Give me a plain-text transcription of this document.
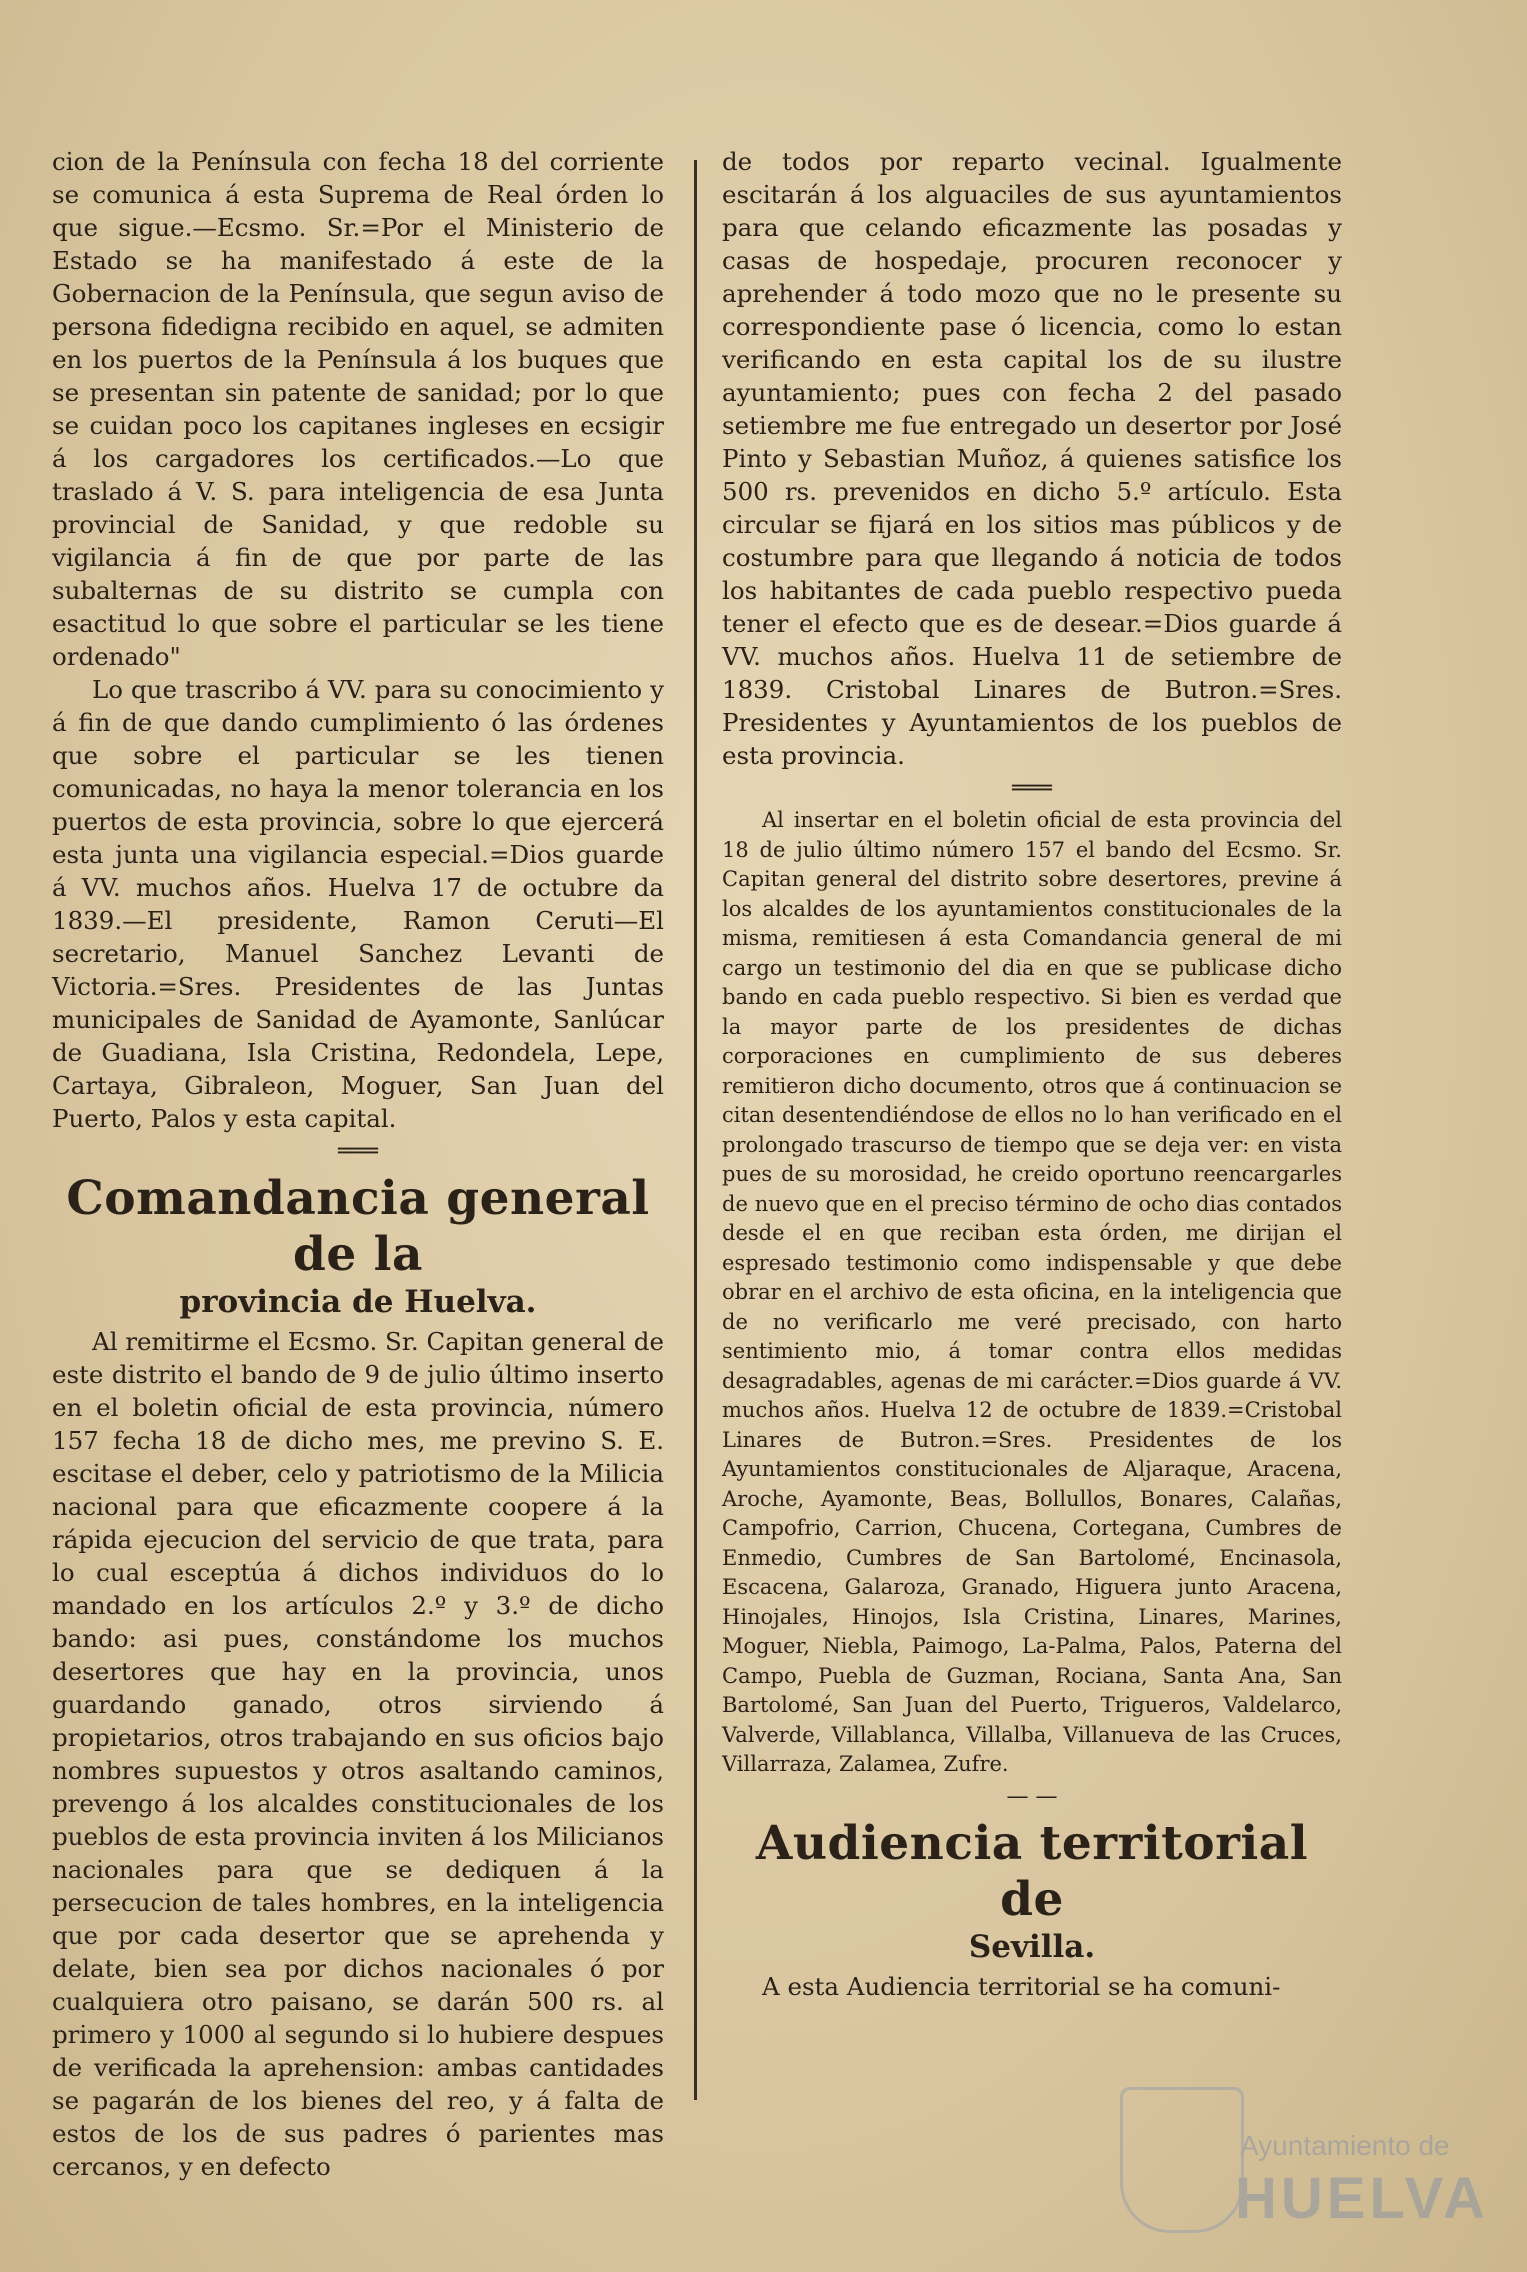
cion de la Península con fecha 18 del corriente se comunica á esta Suprema de Real órden lo que sigue.—Ecsmo. Sr.=Por el Ministerio de Estado se ha manifestado á este de la Gobernacion de la Península, que segun aviso de persona fidedigna recibido en aquel, se admiten en los puertos de la Península á los buques que se presentan sin patente de sanidad; por lo que se cuidan poco los capitanes ingleses en ecsigir á los cargadores los certificados.—Lo que traslado á V. S. para inteligencia de esa Junta provincial de Sanidad, y que redoble su vigilancia á fin de que por parte de las subalternas de su distrito se cumpla con esactitud lo que sobre el particular se les tiene ordenado"

Lo que trascribo á VV. para su conocimiento y á fin de que dando cumplimiento ó las órdenes que sobre el particular se les tienen comunicadas, no haya la menor tolerancia en los puertos de esta provincia, sobre lo que ejercerá esta junta una vigilancia especial.=Dios guarde á VV. muchos años. Huelva 17 de octubre da 1839.—El presidente, Ramon Ceruti—El secretario, Manuel Sanchez Levanti de Victoria.=Sres. Presidentes de las Juntas municipales de Sanidad de Ayamonte, Sanlúcar de Guadiana, Isla Cristina, Redondela, Lepe, Cartaya, Gibraleon, Moguer, San Juan del Puerto, Palos y esta capital.

═══
Comandancia general de la
provincia de Huelva.

Al remitirme el Ecsmo. Sr. Capitan general de este distrito el bando de 9 de julio último inserto en el boletin oficial de esta provincia, número 157 fecha 18 de dicho mes, me previno S. E. escitase el deber, celo y patriotismo de la Milicia nacional para que eficazmente coopere á la rápida ejecucion del servicio de que trata, para lo cual esceptúa á dichos individuos do lo mandado en los artículos 2.º y 3.º de dicho bando: asi pues, constándome los muchos desertores que hay en la provincia, unos guardando ganado, otros sirviendo á propietarios, otros trabajando en sus oficios bajo nombres supuestos y otros asaltando caminos, prevengo á los alcaldes constitucionales de los pueblos de esta provincia inviten á los Milicianos nacionales para que se dediquen á la persecucion de tales hombres, en la inteligencia que por cada desertor que se aprehenda y delate, bien sea por dichos nacionales ó por cualquiera otro paisano, se darán 500 rs. al primero y 1000 al segundo si lo hubiere despues de verificada la aprehension: ambas cantidades se pagarán de los bienes del reo, y á falta de estos de los de sus padres ó parientes mas cercanos, y en defecto

de todos por reparto vecinal. Igualmente escitarán á los alguaciles de sus ayuntamientos para que celando eficazmente las posadas y casas de hospedaje, procuren reconocer y aprehender á todo mozo que no le presente su correspondiente pase ó licencia, como lo estan verificando en esta capital los de su ilustre ayuntamiento; pues con fecha 2 del pasado setiembre me fue entregado un desertor por José Pinto y Sebastian Muñoz, á quienes satisfice los 500 rs. prevenidos en dicho 5.º artículo. Esta circular se fijará en los sitios mas públicos y de costumbre para que llegando á noticia de todos los habitantes de cada pueblo respectivo pueda tener el efecto que es de desear.=Dios guarde á VV. muchos años. Huelva 11 de setiembre de 1839. Cristobal Linares de Butron.=Sres. Presidentes y Ayuntamientos de los pueblos de esta provincia.

═══

Al insertar en el boletin oficial de esta provincia del 18 de julio último número 157 el bando del Ecsmo. Sr. Capitan general del distrito sobre desertores, previne á los alcaldes de los ayuntamientos constitucionales de la misma, remitiesen á esta Comandancia general de mi cargo un testimonio del dia en que se publicase dicho bando en cada pueblo respectivo. Si bien es verdad que la mayor parte de los presidentes de dichas corporaciones en cumplimiento de sus deberes remitieron dicho documento, otros que á continuacion se citan desentendiéndose de ellos no lo han verificado en el prolongado trascurso de tiempo que se deja ver: en vista pues de su morosidad, he creido oportuno reencargarles de nuevo que en el preciso término de ocho dias contados desde el en que reciban esta órden, me dirijan el espresado testimonio como indispensable y que debe obrar en el archivo de esta oficina, en la inteligencia que de no verificarlo me veré precisado, con harto sentimiento mio, á tomar contra ellos medidas desagradables, agenas de mi carácter.=Dios guarde á VV. muchos años. Huelva 12 de octubre de 1839.=Cristobal Linares de Butron.=Sres. Presidentes de los Ayuntamientos constitucionales de Aljaraque, Aracena, Aroche, Ayamonte, Beas, Bollullos, Bonares, Calañas, Campofrio, Carrion, Chucena, Cortegana, Cumbres de Enmedio, Cumbres de San Bartolomé, Encinasola, Escacena, Galaroza, Granado, Higuera junto Aracena, Hinojales, Hinojos, Isla Cristina, Linares, Marines, Moguer, Niebla, Paimogo, La-Palma, Palos, Paterna del Campo, Puebla de Guzman, Rociana, Santa Ana, San Bartolomé, San Juan del Puerto, Trigueros, Valdelarco, Valverde, Villablanca, Villalba, Villanueva de las Cruces, Villarraza, Zalamea, Zufre.

— —
Audiencia territorial de
Sevilla.

A esta Audiencia territorial se ha comuni-

Ayuntamiento de
HUELVA
